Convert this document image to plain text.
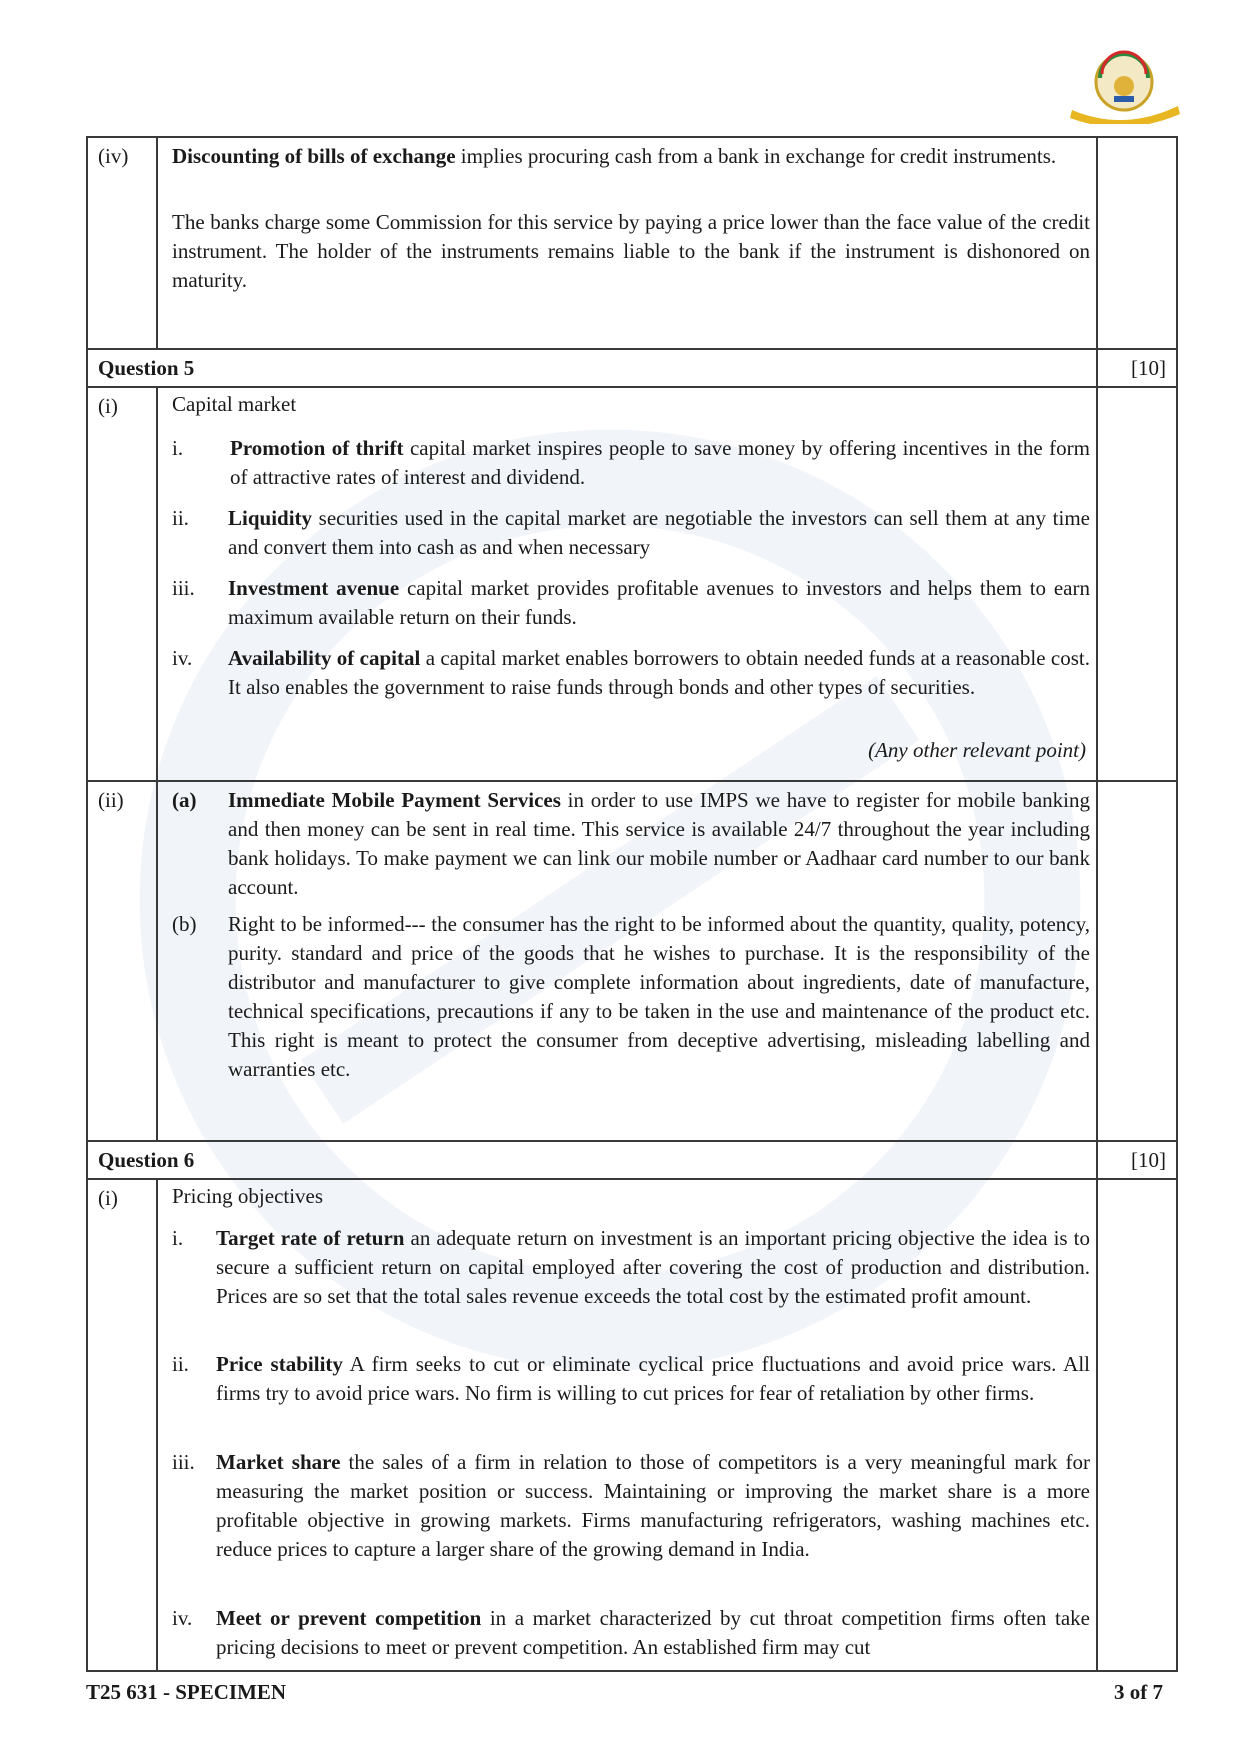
(iv) Discounting of bills of exchange implies procuring cash from a bank in exchange for credit instruments.
The banks charge some Commission for this service by paying a price lower than the face value of the credit instrument. The holder of the instruments remains liable to the bank if the instrument is dishonored on maturity.
Question 5	[10]
(i)	Capital market
i. Promotion of thrift capital market inspires people to save money by offering incentives in the form of attractive rates of interest and dividend.
ii. Liquidity securities used in the capital market are negotiable the investors can sell them at any time and convert them into cash as and when necessary
iii. Investment avenue capital market provides profitable avenues to investors and helps them to earn maximum available return on their funds.
iv. Availability of capital a capital market enables borrowers to obtain needed funds at a reasonable cost. It also enables the government to raise funds through bonds and other types of securities.
(Any other relevant point)
(ii) (a) Immediate Mobile Payment Services in order to use IMPS we have to register for mobile banking and then money can be sent in real time. This service is available 24/7 throughout the year including bank holidays. To make payment we can link our mobile number or Aadhaar card number to our bank account.
(b) Right to be informed--- the consumer has the right to be informed about the quantity, quality, potency, purity. standard and price of the goods that he wishes to purchase. It is the responsibility of the distributor and manufacturer to give complete information about ingredients, date of manufacture, technical specifications, precautions if any to be taken in the use and maintenance of the product etc. This right is meant to protect the consumer from deceptive advertising, misleading labelling and warranties etc.
Question 6	[10]
(i)	Pricing objectives
i. Target rate of return an adequate return on investment is an important pricing objective the idea is to secure a sufficient return on capital employed after covering the cost of production and distribution. Prices are so set that the total sales revenue exceeds the total cost by the estimated profit amount.
ii. Price stability A firm seeks to cut or eliminate cyclical price fluctuations and avoid price wars. All firms try to avoid price wars. No firm is willing to cut prices for fear of retaliation by other firms.
iii. Market share the sales of a firm in relation to those of competitors is a very meaningful mark for measuring the market position or success. Maintaining or improving the market share is a more profitable objective in growing markets. Firms manufacturing refrigerators, washing machines etc. reduce prices to capture a larger share of the growing demand in India.
iv. Meet or prevent competition in a market characterized by cut throat competition firms often take pricing decisions to meet or prevent competition. An established firm may cut
T25 631 - SPECIMEN	3 of 7
